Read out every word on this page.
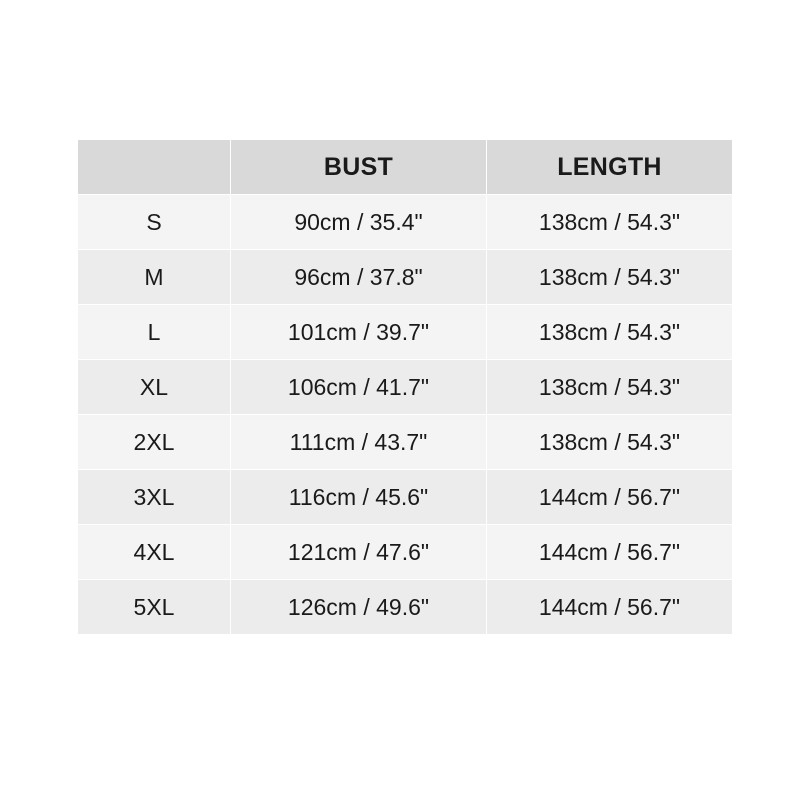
	BUST	LENGTH
S	90cm / 35.4"	138cm / 54.3"
M	96cm / 37.8"	138cm / 54.3"
L	101cm / 39.7"	138cm / 54.3"
XL	106cm / 41.7"	138cm / 54.3"
2XL	111cm / 43.7"	138cm / 54.3"
3XL	116cm / 45.6"	144cm / 56.7"
4XL	121cm / 47.6"	144cm / 56.7"
5XL	126cm / 49.6"	144cm / 56.7"
